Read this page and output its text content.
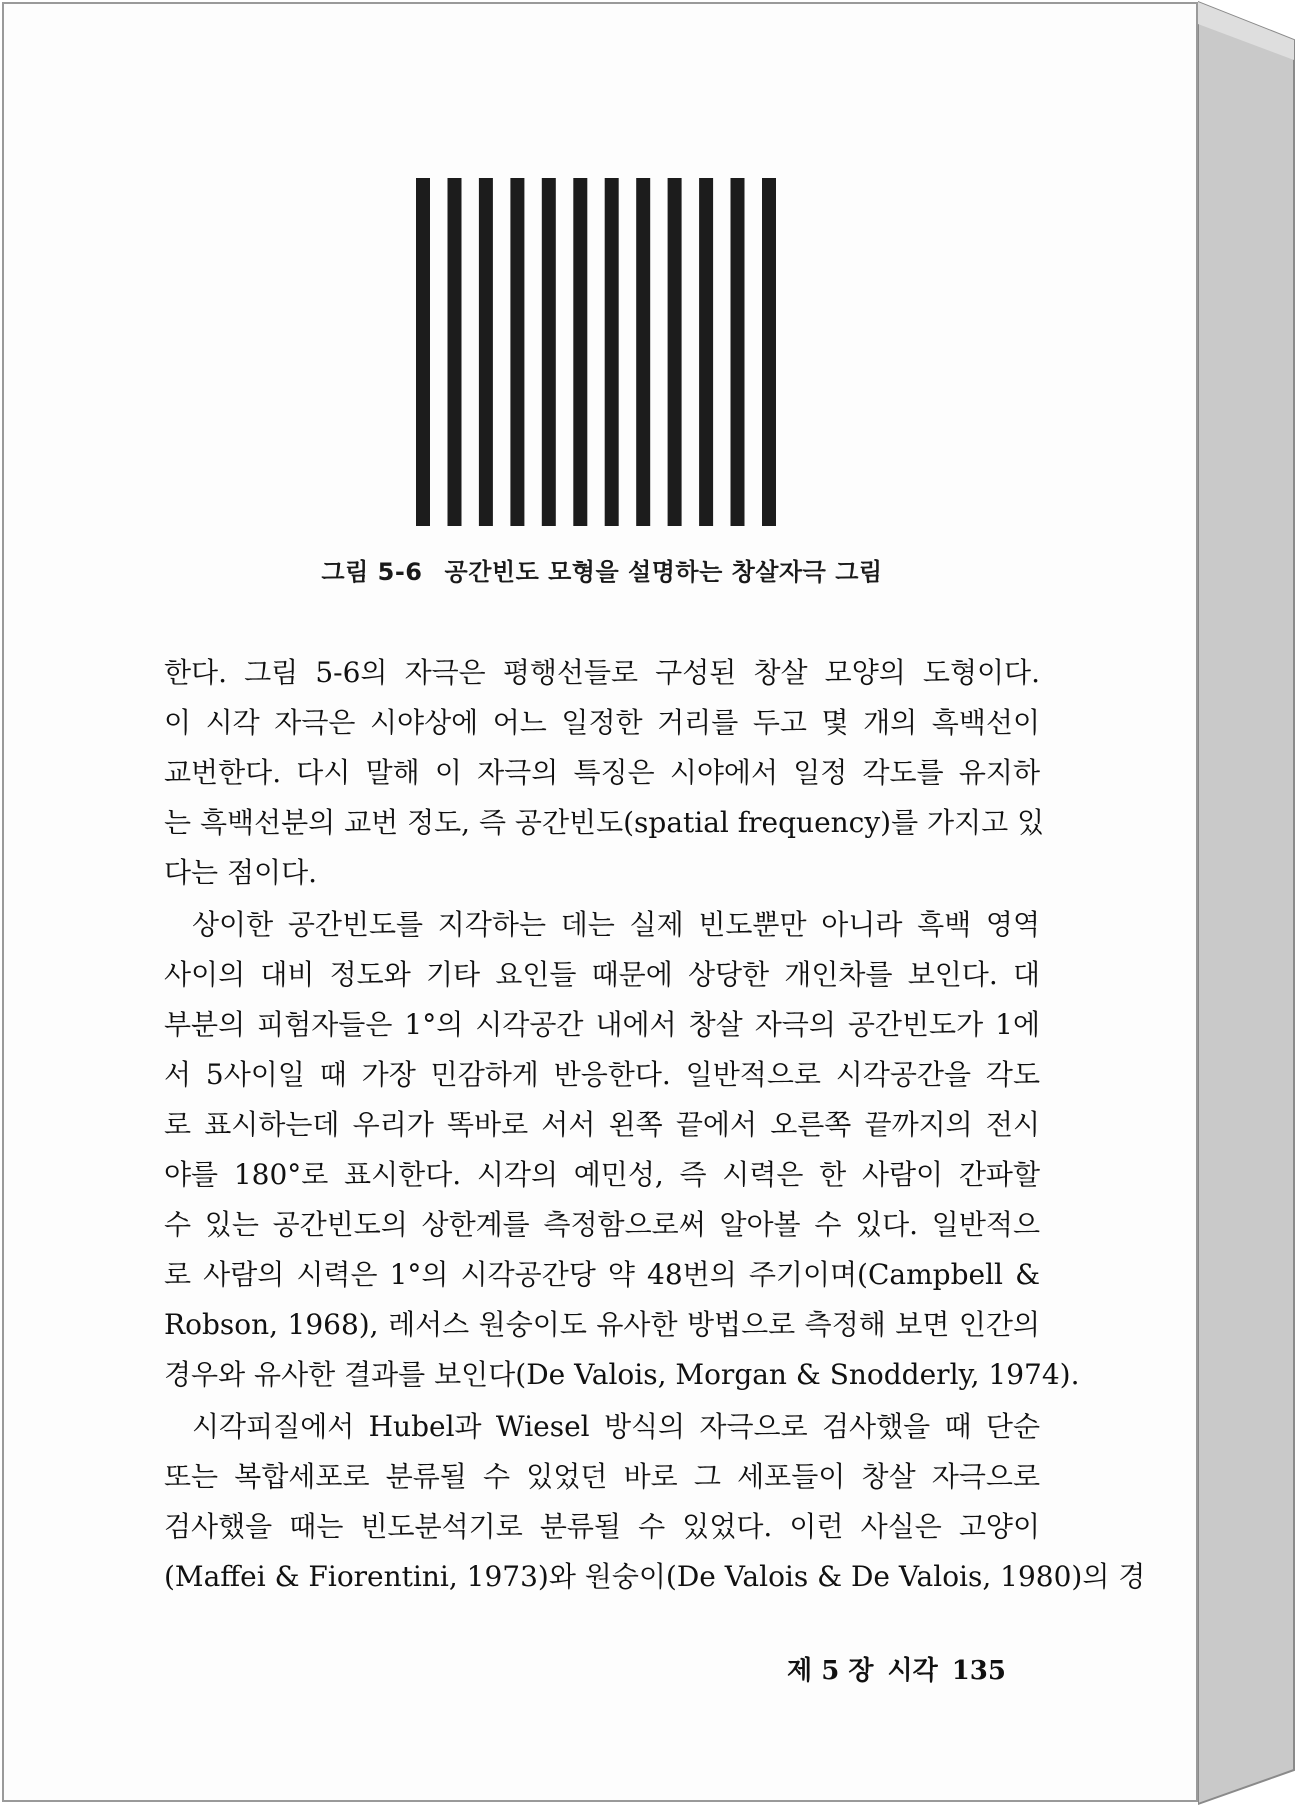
그림 5-6 공간빈도 모형을 설명하는 창살자극 그림
한다. 그림 5-6의 자극은 평행선들로 구성된 창살 모양의 도형이다.
이 시각 자극은 시야상에 어느 일정한 거리를 두고 몇 개의 흑백선이
교번한다. 다시 말해 이 자극의 특징은 시야에서 일정 각도를 유지하
는 흑백선분의 교번 정도, 즉 공간빈도(spatial frequency)를 가지고 있
다는 점이다.
상이한 공간빈도를 지각하는 데는 실제 빈도뿐만 아니라 흑백 영역
사이의 대비 정도와 기타 요인들 때문에 상당한 개인차를 보인다. 대
부분의 피험자들은 1°의 시각공간 내에서 창살 자극의 공간빈도가 1에
서 5사이일 때 가장 민감하게 반응한다. 일반적으로 시각공간을 각도
로 표시하는데 우리가 똑바로 서서 왼쪽 끝에서 오른쪽 끝까지의 전시
야를 180°로 표시한다. 시각의 예민성, 즉 시력은 한 사람이 간파할
수 있는 공간빈도의 상한계를 측정함으로써 알아볼 수 있다. 일반적으
로 사람의 시력은 1°의 시각공간당 약 48번의 주기이며(Campbell &
Robson, 1968), 레서스 원숭이도 유사한 방법으로 측정해 보면 인간의
경우와 유사한 결과를 보인다(De Valois, Morgan & Snodderly, 1974).
시각피질에서 Hubel과 Wiesel 방식의 자극으로 검사했을 때 단순
또는 복합세포로 분류될 수 있었던 바로 그 세포들이 창살 자극으로
검사했을 때는 빈도분석기로 분류될 수 있었다. 이런 사실은 고양이
(Maffei & Fiorentini, 1973)와 원숭이(De Valois & De Valois, 1980)의 경
제 5 장 시각 135
